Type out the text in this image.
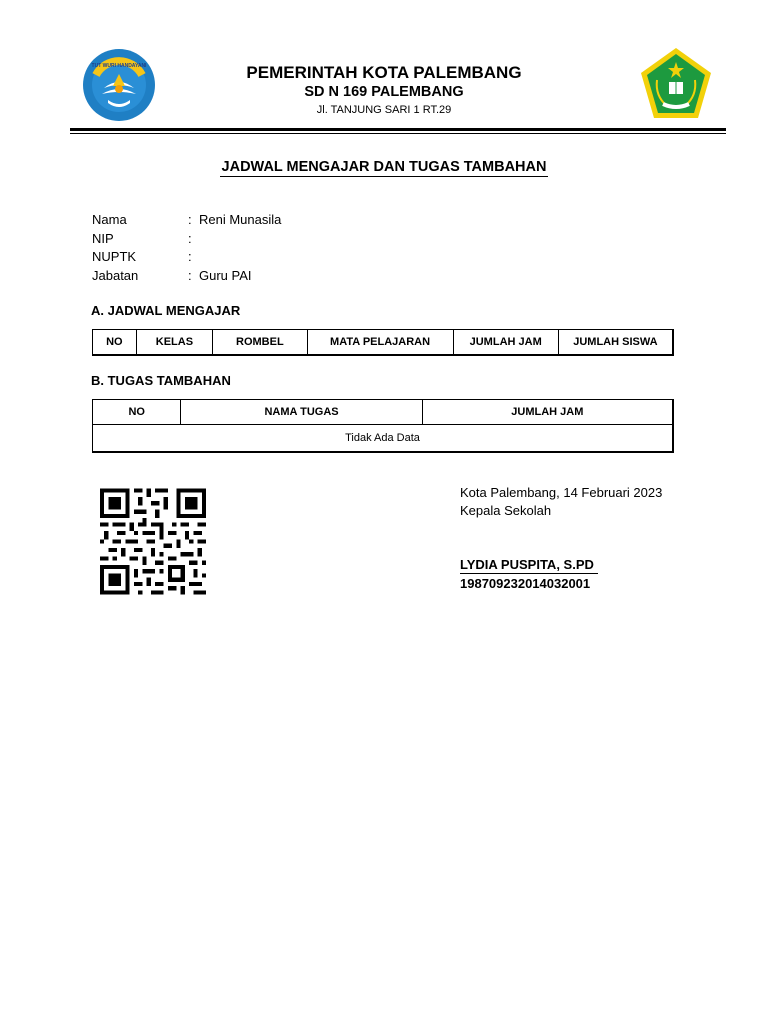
TUT WURI HANDAYANI	PEMERINTAH KOTA PALEMBANG
SD N 169 PALEMBANG
Jl. TANJUNG SARI 1 RT.29
JADWAL MENGAJAR DAN TUGAS TAMBAHAN
Nama	: Reni Munasila
NIP	:
NUPTK	:
Jabatan	: Guru PAI
A. JADWAL MENGAJAR
NO	KELAS	ROMBEL	MATA PELAJARAN	JUMLAH JAM	JUMLAH SISWA
B. TUGAS TAMBAHAN
NO	NAMA TUGAS	JUMLAH JAM
Tidak Ada Data
Kota Palembang, 14 Februari 2023
Kepala Sekolah
LYDIA PUSPITA, S.PD
198709232014032001
